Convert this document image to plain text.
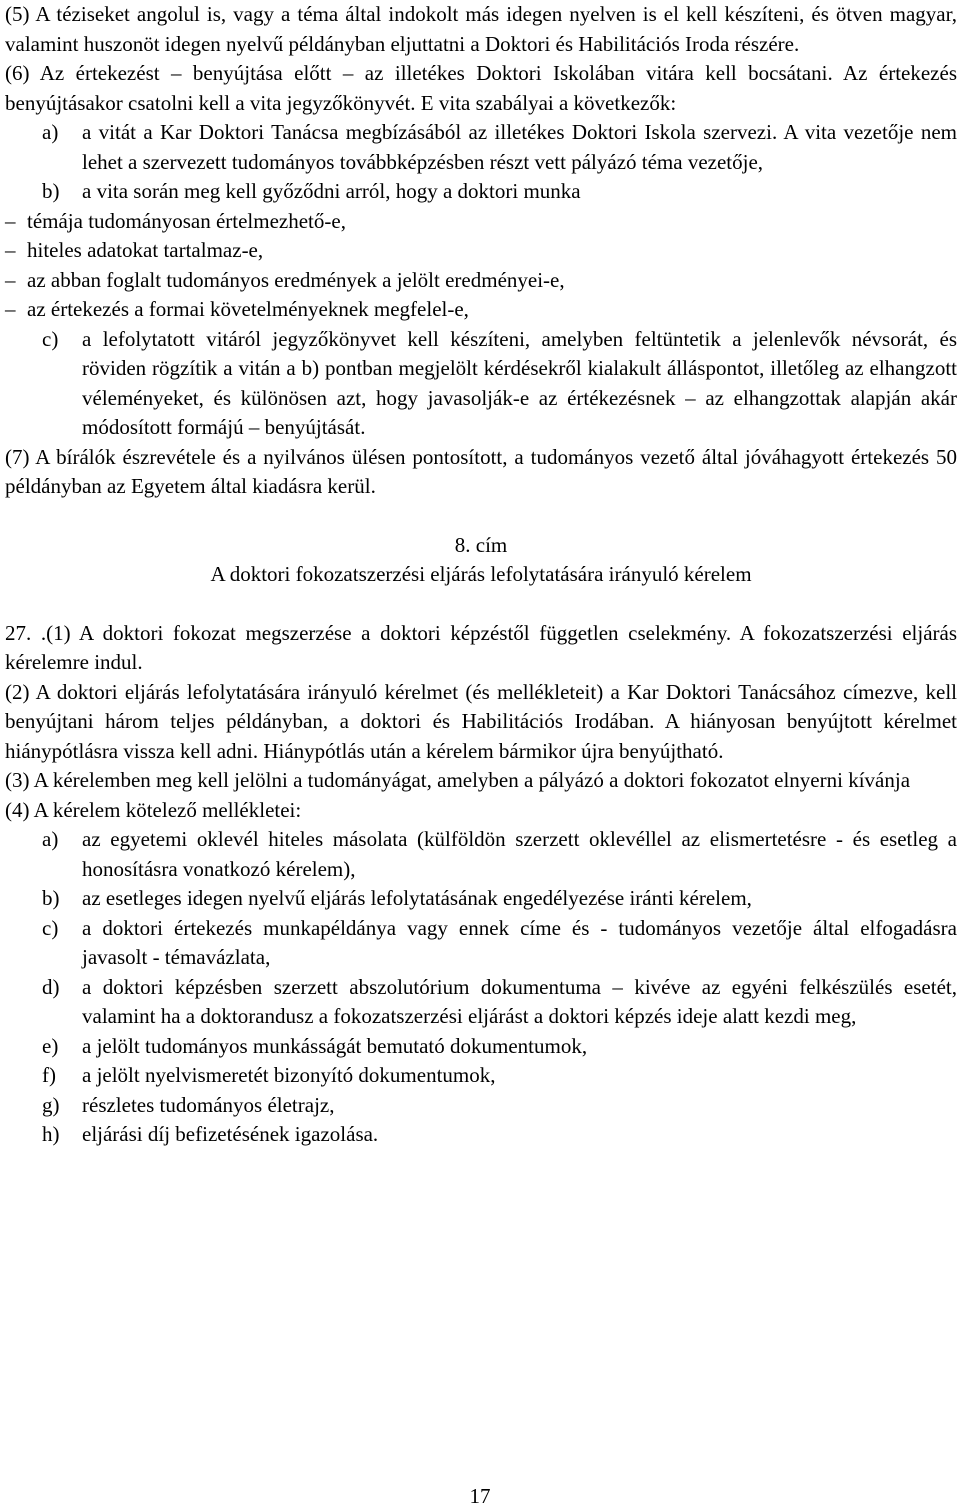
(5) A téziseket angolul is, vagy a téma által indokolt más idegen nyelven is el kell készíteni, és ötven magyar, valamint huszonöt idegen nyelvű példányban eljuttatni a Doktori és Habilitációs Iroda részére.

(6) Az értekezést – benyújtása előtt – az illetékes Doktori Iskolában vitára kell bocsátani. Az értekezés benyújtásakor csatolni kell a vita jegyzőkönyvét. E vita szabályai a következők:

a)	a vitát a Kar Doktori Tanácsa megbízásából az illetékes Doktori Iskola szervezi. A vita vezetője nem lehet a szervezett tudományos továbbképzésben részt vett pályázó téma vezetője,
b)	a vita során meg kell győződni arról, hogy a doktori munka
– témája tudományosan értelmezhető-e,
– hiteles adatokat tartalmaz-e,
– az abban foglalt tudományos eredmények a jelölt eredményei-e,
– az értekezés a formai követelményeknek megfelel-e,
c)	a lefolytatott vitáról jegyzőkönyvet kell készíteni, amelyben feltüntetik a jelenlevők névsorát, és röviden rögzítik a vitán a b) pontban megjelölt kérdésekről kialakult álláspontot, illetőleg az elhangzott véleményeket, és különösen azt, hogy javasolják-e az értékezésnek – az elhangzottak alapján akár módosított formájú – benyújtását.

(7) A bírálók észrevétele és a nyilvános ülésen pontosított, a tudományos vezető által jóváhagyott értekezés 50 példányban az Egyetem által kiadásra kerül.

8. cím

A doktori fokozatszerzési eljárás lefolytatására irányuló kérelem

27. .(1) A doktori fokozat megszerzése a doktori képzéstől független cselekmény. A fokozatszerzési eljárás kérelemre indul.

(2) A doktori eljárás lefolytatására irányuló kérelmet (és mellékleteit) a Kar Doktori Tanácsához címezve, kell benyújtani három teljes példányban, a doktori és Habilitációs Irodában. A hiányosan benyújtott kérelmet hiánypótlásra vissza kell adni. Hiánypótlás után a kérelem bármikor újra benyújtható.

(3) A kérelemben meg kell jelölni a tudományágat, amelyben a pályázó a doktori fokozatot elnyerni kívánja

(4) A kérelem kötelező mellékletei:

a)	az egyetemi oklevél hiteles másolata (külföldön szerzett oklevéllel az elismertetésre - és esetleg a honosításra vonatkozó kérelem),
b)	az esetleges idegen nyelvű eljárás lefolytatásának engedélyezése iránti kérelem,
c)	a doktori értekezés munkapéldánya vagy ennek címe és - tudományos vezetője által elfogadásra javasolt - témavázlata,
d)	a doktori képzésben szerzett abszolutórium dokumentuma – kivéve az egyéni felkészülés esetét, valamint ha a doktorandusz a fokozatszerzési eljárást a doktori képzés ideje alatt kezdi meg,
e)	a jelölt tudományos munkásságát bemutató dokumentumok,
f)	a jelölt nyelvismeretét bizonyító dokumentumok,
g)	részletes tudományos életrajz,
h)	eljárási díj befizetésének igazolása.
17
